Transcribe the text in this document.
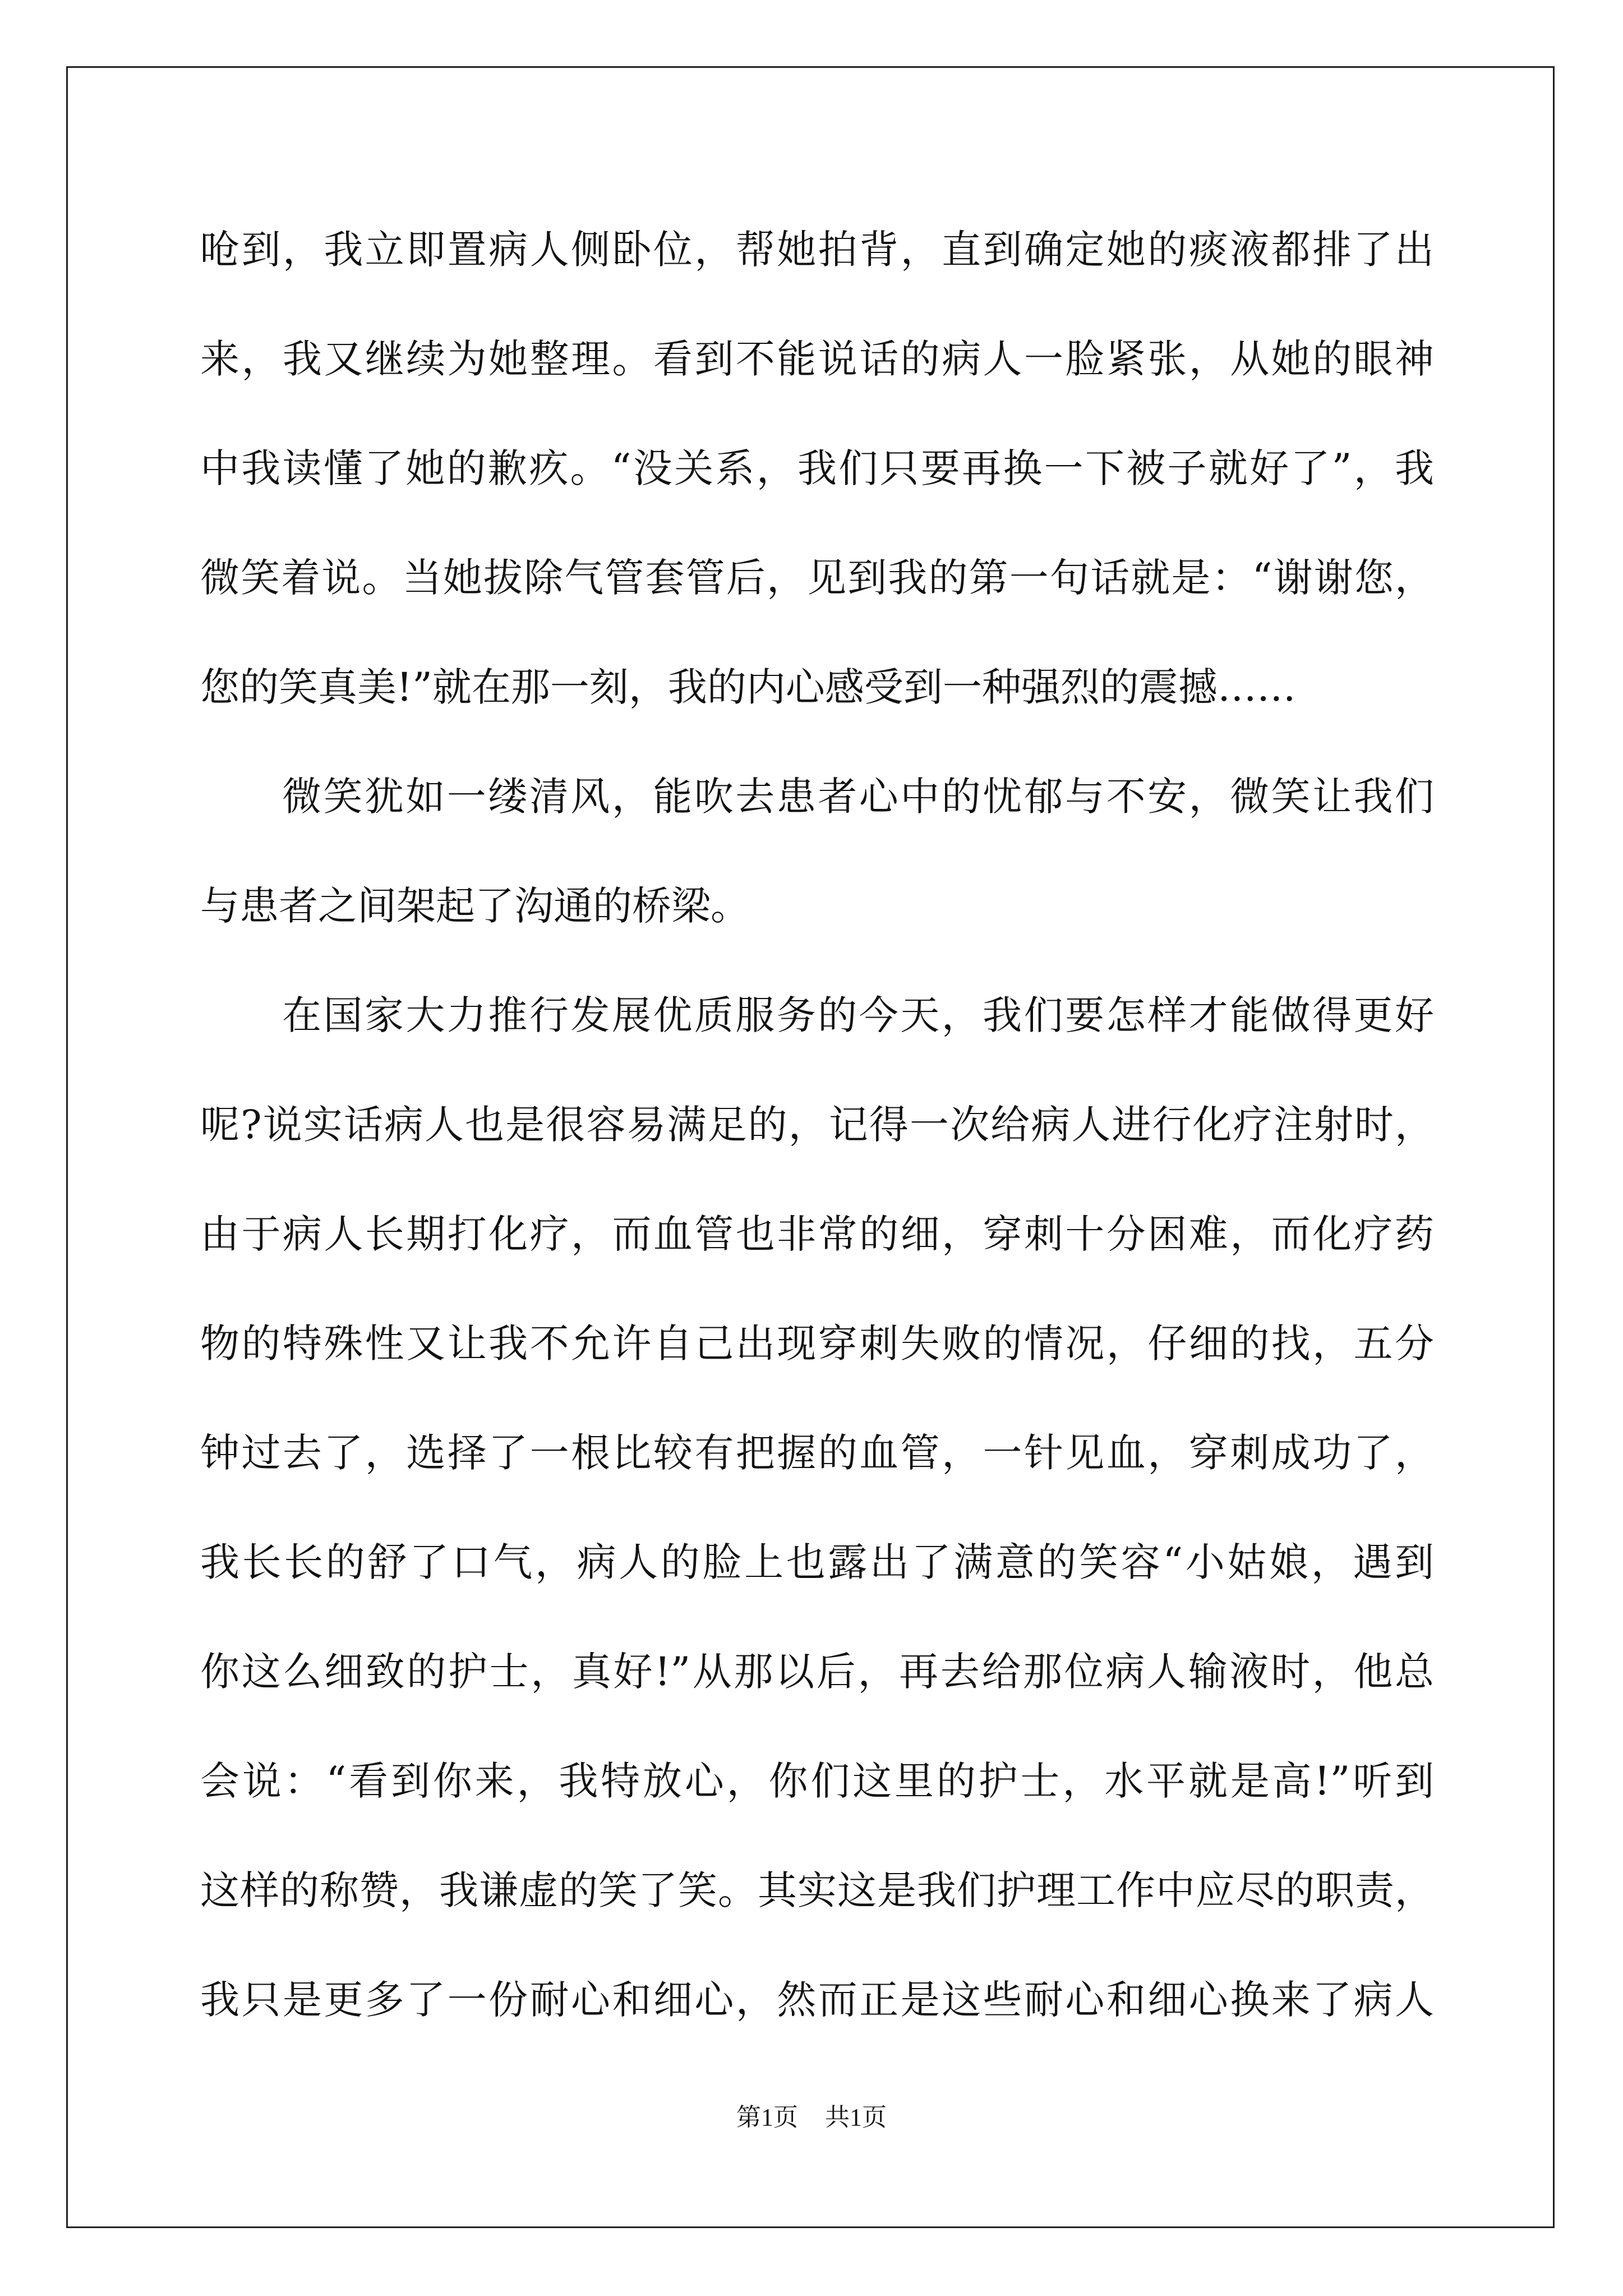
呛到，我立即置病人侧卧位，帮她拍背，直到确定她的痰液都排了出
来，我又继续为她整理。看到不能说话的病人一脸紧张，从她的眼神
中我读懂了她的歉疚。“没关系，我们只要再换一下被子就好了”，我
微笑着说。当她拔除气管套管后，见到我的第一句话就是：“谢谢您，
您的笑真美!”就在那一刻，我的内心感受到一种强烈的震撼……
微笑犹如一缕清风，能吹去患者心中的忧郁与不安，微笑让我们
与患者之间架起了沟通的桥梁。
在国家大力推行发展优质服务的今天，我们要怎样才能做得更好
呢?说实话病人也是很容易满足的，记得一次给病人进行化疗注射时，
由于病人长期打化疗，而血管也非常的细，穿刺十分困难，而化疗药
物的特殊性又让我不允许自己出现穿刺失败的情况，仔细的找，五分
钟过去了，选择了一根比较有把握的血管，一针见血，穿刺成功了，
我长长的舒了口气，病人的脸上也露出了满意的笑容“小姑娘，遇到
你这么细致的护士，真好!”从那以后，再去给那位病人输液时，他总
会说：“看到你来，我特放心，你们这里的护士，水平就是高!”听到
这样的称赞，我谦虚的笑了笑。其实这是我们护理工作中应尽的职责，
我只是更多了一份耐心和细心，然而正是这些耐心和细心换来了病人
第1页 共1页
